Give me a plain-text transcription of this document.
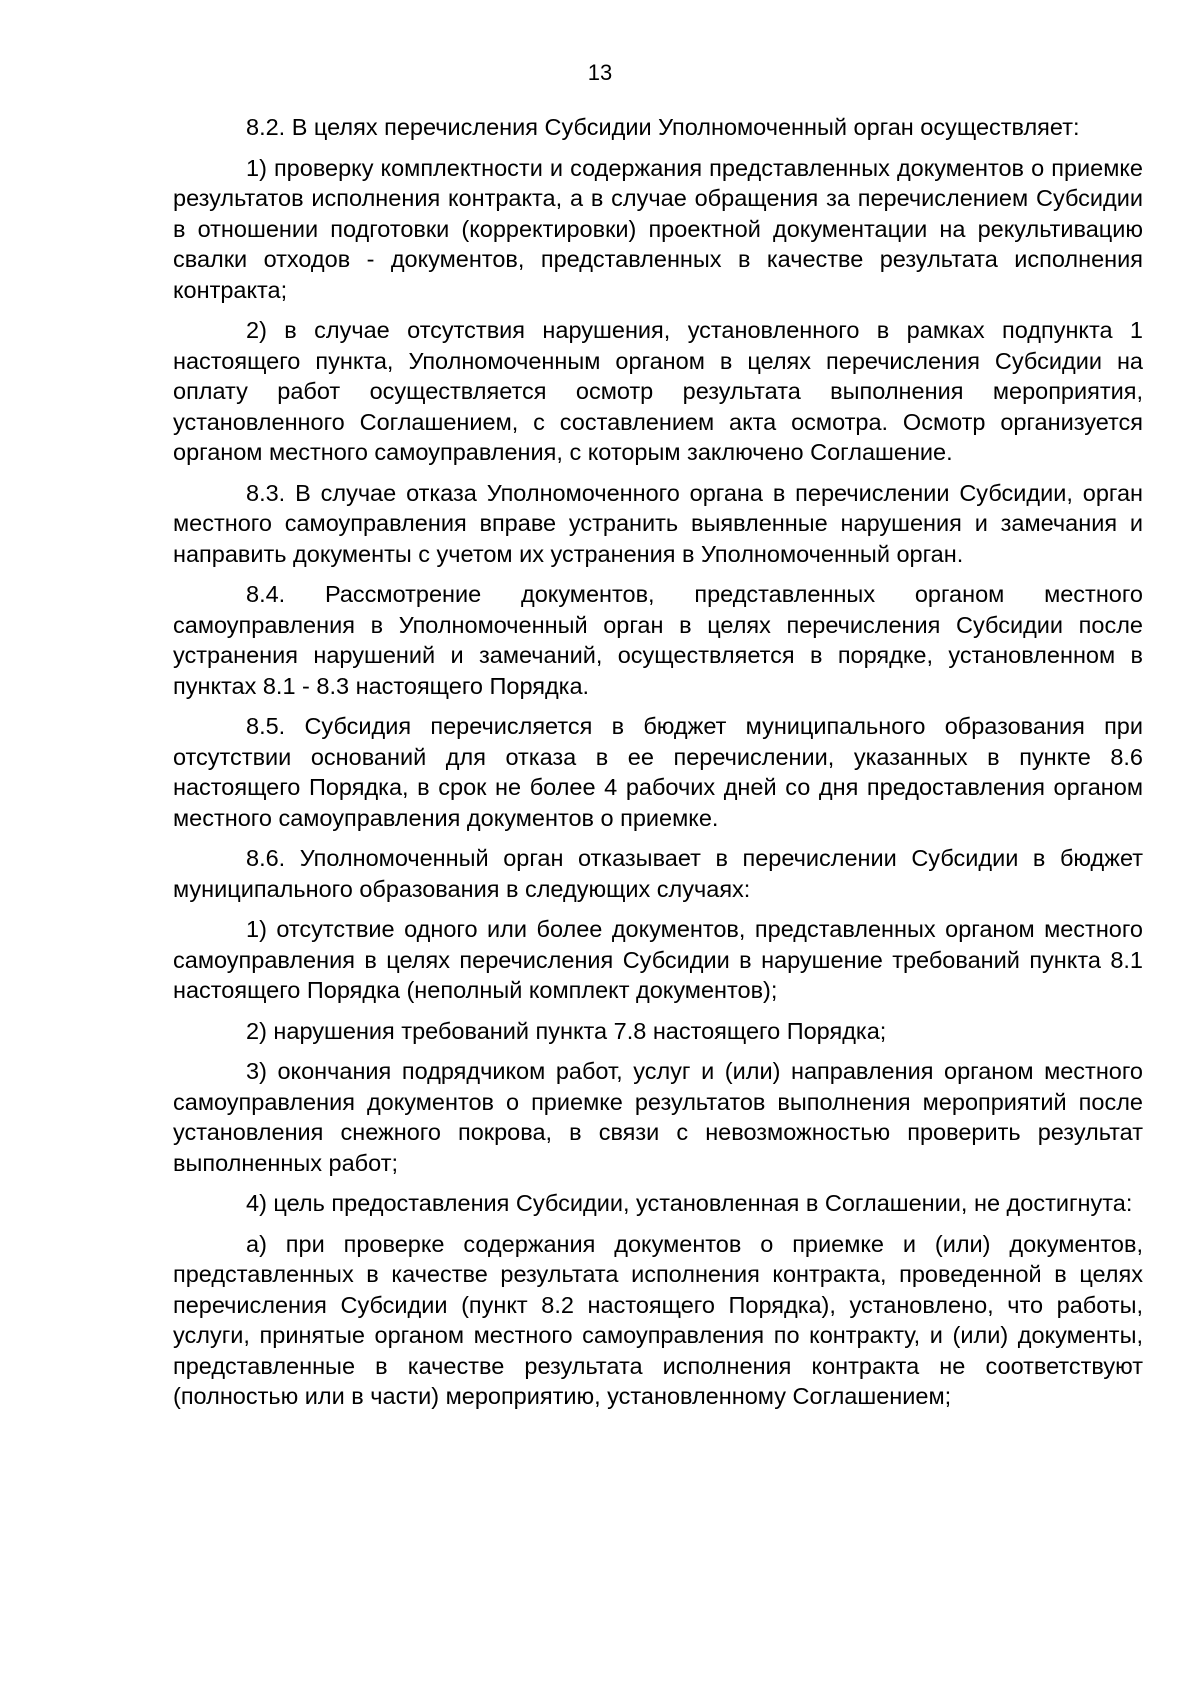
13

8.2. В целях перечисления Субсидии Уполномоченный орган осуществляет:

1) проверку комплектности и содержания представленных документов о приемке результатов исполнения контракта, а в случае обращения за перечислением Субсидии в отношении подготовки (корректировки) проектной документации на рекультивацию свалки отходов - документов, представленных в качестве результата исполнения контракта;

2) в случае отсутствия нарушения, установленного в рамках подпункта 1 настоящего пункта, Уполномоченным органом в целях перечисления Субсидии на оплату работ осуществляется осмотр результата выполнения мероприятия, установленного Соглашением, с составлением акта осмотра. Осмотр организуется органом местного самоуправления, с которым заключено Соглашение.

8.3. В случае отказа Уполномоченного органа в перечислении Субсидии, орган местного самоуправления вправе устранить выявленные нарушения и замечания и направить документы с учетом их устранения в Уполномоченный орган.

8.4. Рассмотрение документов, представленных органом местного самоуправления в Уполномоченный орган в целях перечисления Субсидии после устранения нарушений и замечаний, осуществляется в порядке, установленном в пунктах 8.1 - 8.3 настоящего Порядка.

8.5. Субсидия перечисляется в бюджет муниципального образования при отсутствии оснований для отказа в ее перечислении, указанных в пункте 8.6 настоящего Порядка, в срок не более 4 рабочих дней со дня предоставления органом местного самоуправления документов о приемке.

8.6. Уполномоченный орган отказывает в перечислении Субсидии в бюджет муниципального образования в следующих случаях:

1) отсутствие одного или более документов, представленных органом местного самоуправления в целях перечисления Субсидии в нарушение требований пункта 8.1 настоящего Порядка (неполный комплект документов);

2) нарушения требований пункта 7.8 настоящего Порядка;

3) окончания подрядчиком работ, услуг и (или) направления органом местного самоуправления документов о приемке результатов выполнения мероприятий после установления снежного покрова, в связи с невозможностью проверить результат выполненных работ;

4) цель предоставления Субсидии, установленная в Соглашении, не достигнута:

а) при проверке содержания документов о приемке и (или) документов, представленных в качестве результата исполнения контракта, проведенной в целях перечисления Субсидии (пункт 8.2 настоящего Порядка), установлено, что работы, услуги, принятые органом местного самоуправления по контракту, и (или) документы, представленные в качестве результата исполнения контракта не соответствуют (полностью или в части) мероприятию, установленному Соглашением;
